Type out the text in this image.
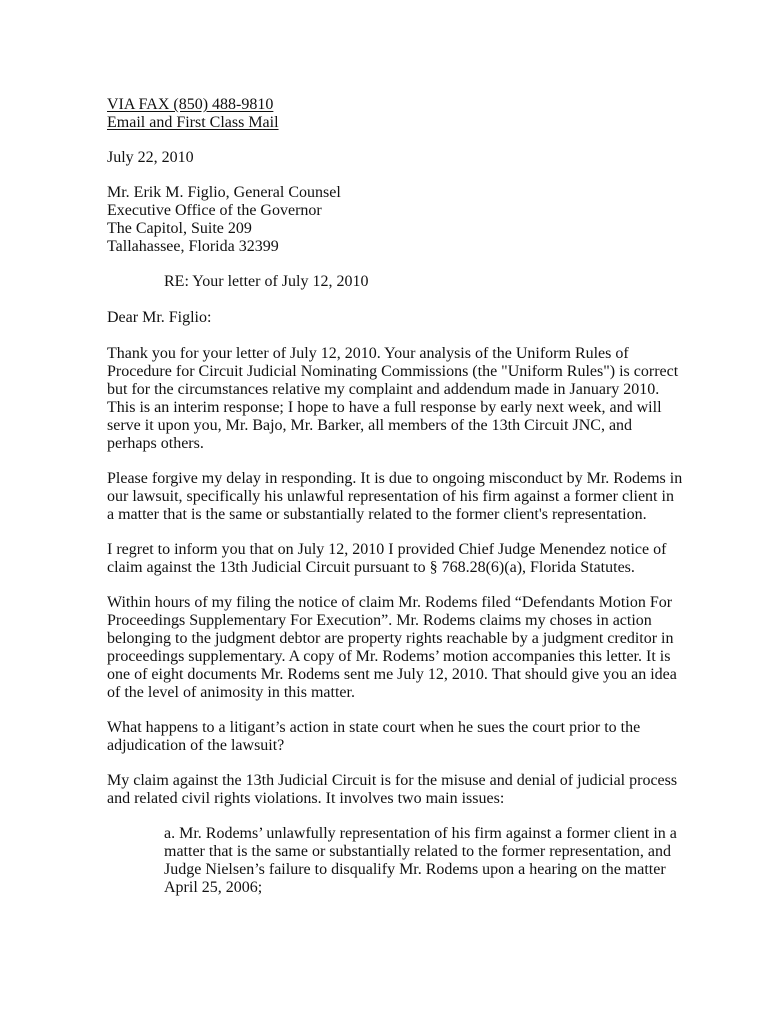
VIA FAX (850) 488-9810
Email and First Class Mail
July 22, 2010
Mr. Erik M. Figlio, General Counsel
Executive Office of the Governor
The Capitol, Suite 209
Tallahassee, Florida 32399
RE: Your letter of July 12, 2010
Dear Mr. Figlio:
Thank you for your letter of July 12, 2010. Your analysis of the Uniform Rules of
Procedure for Circuit Judicial Nominating Commissions (the "Uniform Rules") is correct
but for the circumstances relative my complaint and addendum made in January 2010.
This is an interim response; I hope to have a full response by early next week, and will
serve it upon you, Mr. Bajo, Mr. Barker, all members of the 13th Circuit JNC, and
perhaps others.
Please forgive my delay in responding. It is due to ongoing misconduct by Mr. Rodems in
our lawsuit, specifically his unlawful representation of his firm against a former client in
a matter that is the same or substantially related to the former client's representation.
I regret to inform you that on July 12, 2010 I provided Chief Judge Menendez notice of
claim against the 13th Judicial Circuit pursuant to § 768.28(6)(a), Florida Statutes.
Within hours of my filing the notice of claim Mr. Rodems filed “Defendants Motion For
Proceedings Supplementary For Execution”. Mr. Rodems claims my choses in action
belonging to the judgment debtor are property rights reachable by a judgment creditor in
proceedings supplementary. A copy of Mr. Rodems’ motion accompanies this letter. It is
one of eight documents Mr. Rodems sent me July 12, 2010. That should give you an idea
of the level of animosity in this matter.
What happens to a litigant’s action in state court when he sues the court prior to the
adjudication of the lawsuit?
My claim against the 13th Judicial Circuit is for the misuse and denial of judicial process
and related civil rights violations. It involves two main issues:
a. Mr. Rodems’ unlawfully representation of his firm against a former client in a
matter that is the same or substantially related to the former representation, and
Judge Nielsen’s failure to disqualify Mr. Rodems upon a hearing on the matter
April 25, 2006;
